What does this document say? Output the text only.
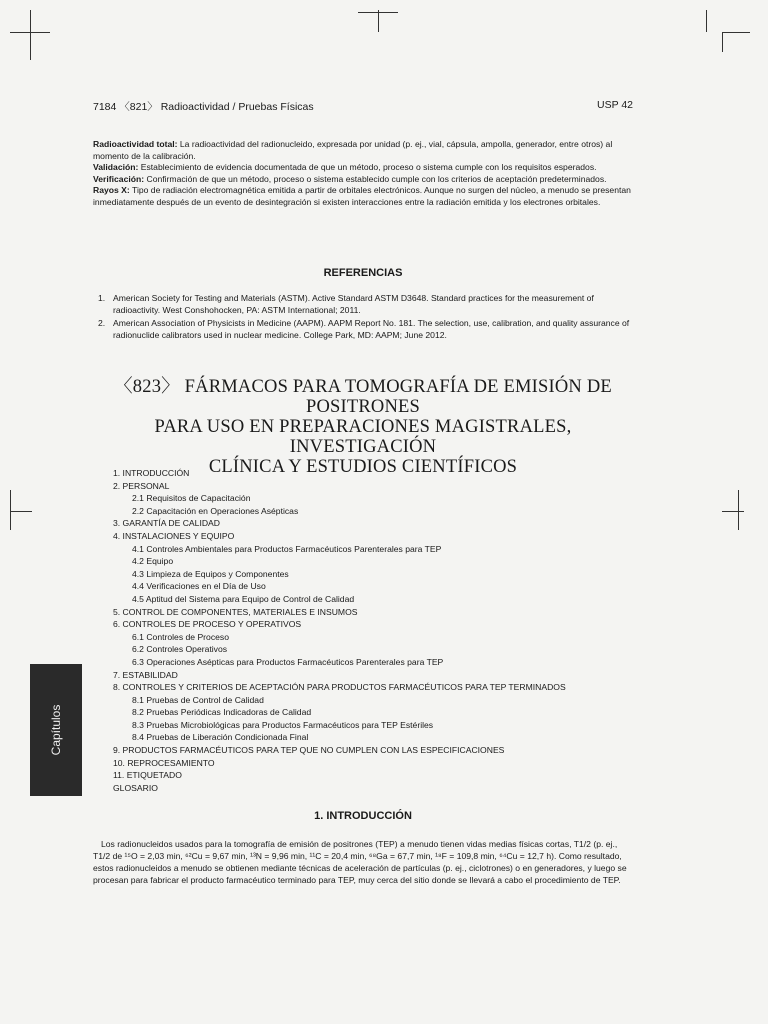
7184 〈821〉 Radioactividad / Pruebas Físicas	USP 42

Radioactividad total: La radioactividad del radionucleido, expresada por unidad (p. ej., vial, cápsula, ampolla, generador, entre otros) al momento de la calibración.

Validación: Establecimiento de evidencia documentada de que un método, proceso o sistema cumple con los requisitos esperados.

Verificación: Confirmación de que un método, proceso o sistema establecido cumple con los criterios de aceptación predeterminados.

Rayos X: Tipo de radiación electromagnética emitida a partir de orbitales electrónicos. Aunque no surgen del núcleo, a menudo se presentan inmediatamente después de un evento de desintegración si existen interacciones entre la radiación emitida y los electrones orbitales.

REFERENCIAS
1. American Society for Testing and Materials (ASTM). Active Standard ASTM D3648. Standard practices for the measurement of radioactivity. West Conshohocken, PA: ASTM International; 2011.
2. American Association of Physicists in Medicine (AAPM). AAPM Report No. 181. The selection, use, calibration, and quality assurance of radionuclide calibrators used in nuclear medicine. College Park, MD: AAPM; June 2012.
〈823〉 FÁRMACOS PARA TOMOGRAFÍA DE EMISIÓN DE POSITRONES
PARA USO EN PREPARACIONES MAGISTRALES, INVESTIGACIÓN
CLÍNICA Y ESTUDIOS CIENTÍFICOS
1. INTRODUCCIÓN
2. PERSONAL
2.1 Requisitos de Capacitación
2.2 Capacitación en Operaciones Asépticas
3. GARANTÍA DE CALIDAD
4. INSTALACIONES Y EQUIPO
4.1 Controles Ambientales para Productos Farmacéuticos Parenterales para TEP
4.2 Equipo
4.3 Limpieza de Equipos y Componentes
4.4 Verificaciones en el Día de Uso
4.5 Aptitud del Sistema para Equipo de Control de Calidad
5. CONTROL DE COMPONENTES, MATERIALES E INSUMOS
6. CONTROLES DE PROCESO Y OPERATIVOS
6.1 Controles de Proceso
6.2 Controles Operativos
6.3 Operaciones Asépticas para Productos Farmacéuticos Parenterales para TEP
7. ESTABILIDAD
8. CONTROLES Y CRITERIOS DE ACEPTACIÓN PARA PRODUCTOS FARMACÉUTICOS PARA TEP TERMINADOS
8.1 Pruebas de Control de Calidad
8.2 Pruebas Periódicas Indicadoras de Calidad
8.3 Pruebas Microbiológicas para Productos Farmacéuticos para TEP Estériles
8.4 Pruebas de Liberación Condicionada Final
9. PRODUCTOS FARMACÉUTICOS PARA TEP QUE NO CUMPLEN CON LAS ESPECIFICACIONES
10. REPROCESAMIENTO
11. ETIQUETADO
GLOSARIO
Capítulos
1. INTRODUCCIÓN

Los radionucleidos usados para la tomografía de emisión de positrones (TEP) a menudo tienen vidas medias físicas cortas, T1/2 (p. ej., T1/2 de ¹⁵O = 2,03 min, ⁶²Cu = 9,67 min, ¹³N = 9,96 min, ¹¹C = 20,4 min, ⁶⁸Ga = 67,7 min, ¹⁸F = 109,8 min, ⁶⁴Cu = 12,7 h). Como resultado, estos radionucleidos a menudo se obtienen mediante técnicas de aceleración de partículas (p. ej., ciclotrones) o en generadores, y luego se procesan para fabricar el producto farmacéutico terminado para TEP, muy cerca del sitio donde se llevará a cabo el procedimiento de TEP.
